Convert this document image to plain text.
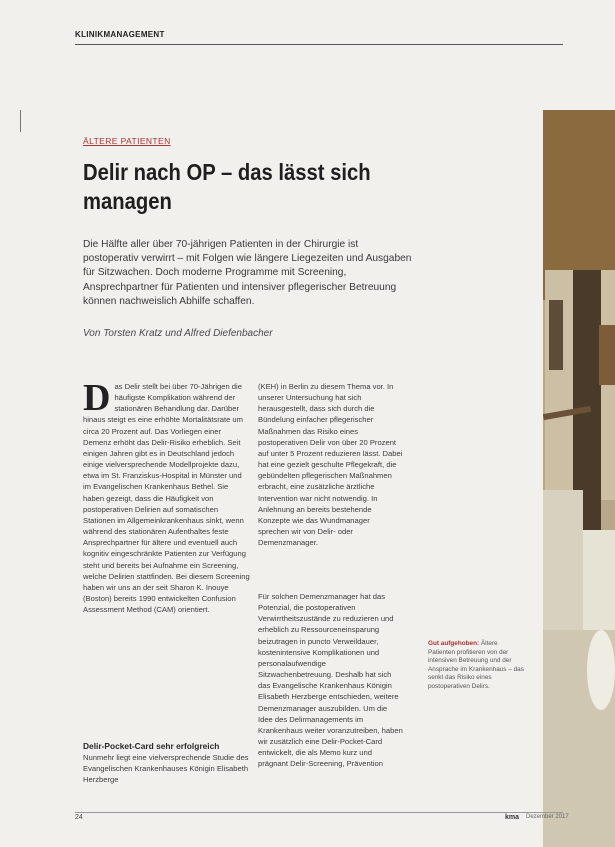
KLINIKMANAGEMENT
ÄLTERE PATIENTEN
Delir nach OP – das lässt sich managen

Die Hälfte aller über 70-jährigen Patienten in der Chirurgie ist postoperativ verwirrt – mit Folgen wie längere Liegezeiten und Ausgaben für Sitzwachen. Doch moderne Programme mit Screening, Ansprechpartner für Patienten und intensiver pflegerischer Betreuung können nachweislich Abhilfe schaffen.

Von Torsten Kratz und Alfred Diefenbacher

Das Delir stellt bei über 70-Jährigen die häufigste Komplikation während der stationären Behandlung dar. Darüber hinaus steigt es eine erhöhte Mortalitätsrate um circa 20 Prozent auf. Das Vorliegen einer Demenz erhöht das Delir-Risiko erheblich. Seit einigen Jahren gibt es in Deutschland jedoch einige vielversprechende Modellprojekte dazu, etwa im St. Franziskus-Hospital in Münster und im Evangelischen Krankenhaus Bethel. Sie haben gezeigt, dass die Häufigkeit von postoperativen Delirien auf somatischen Stationen im Allgemeinkrankenhaus sinkt, wenn während des stationären Aufenthaltes feste Ansprechpartner für ältere und eventuell auch kognitiv eingeschränkte Patienten zur Verfügung steht und bereits bei Aufnahme ein Screening, welche Delirien stattfinden. Bei diesem Screening haben wir uns an der seit Sharon K. Inouye (Boston) bereits 1990 entwickelten Confusion Assessment Method (CAM) orientiert.

Delir-Pocket-Card sehr erfolgreich

Nunmehr liegt eine vielversprechende Studie des Evangelischen Krankenhauses Königin Elisabeth Herzberge

(KEH) in Berlin zu diesem Thema vor. In unserer Untersuchung hat sich herausgestellt, dass sich durch die Bündelung einfacher pflegerischer Maßnahmen das Risiko eines postoperativen Delir von über 20 Prozent auf unter 5 Prozent reduzieren lässt. Dabei hat eine gezielt geschulte Pflegekraft, die gebündelten pflegerischen Maßnahmen erbracht, eine zusätzliche ärztliche Intervention war nicht notwendig. In Anlehnung an bereits bestehende Konzepte wie das Wundmanager sprechen wir von Delir- oder Demenzmanager.

Für solchen Demenzmanager hat das Potenzial, die postoperativen Verwirrtheitszustände zu reduzieren und erheblich zu Ressourceneinsparung beizutragen in puncto Verweildauer, kostenintensive Komplikationen und personalaufwendige Sitzwachenbetreuung. Deshalb hat sich das Evangelische Krankenhaus Königin Elisabeth Herzberge entschieden, weitere Demenzmanager auszubilden. Um die Idee des Delirmanagements im Krankenhaus weiter voranzutreiben, haben wir zusätzlich eine Delir-Pocket-Card entwickelt, die als Memo kurz und prägnant Delir-Screening, Prävention

Gut aufgehoben: Ältere Patienten profitieren von der intensiven Betreuung und der Ansprache im Krankenhaus – das senkt das Risiko eines postoperativen Delirs.

24	kma Dezember 2017
